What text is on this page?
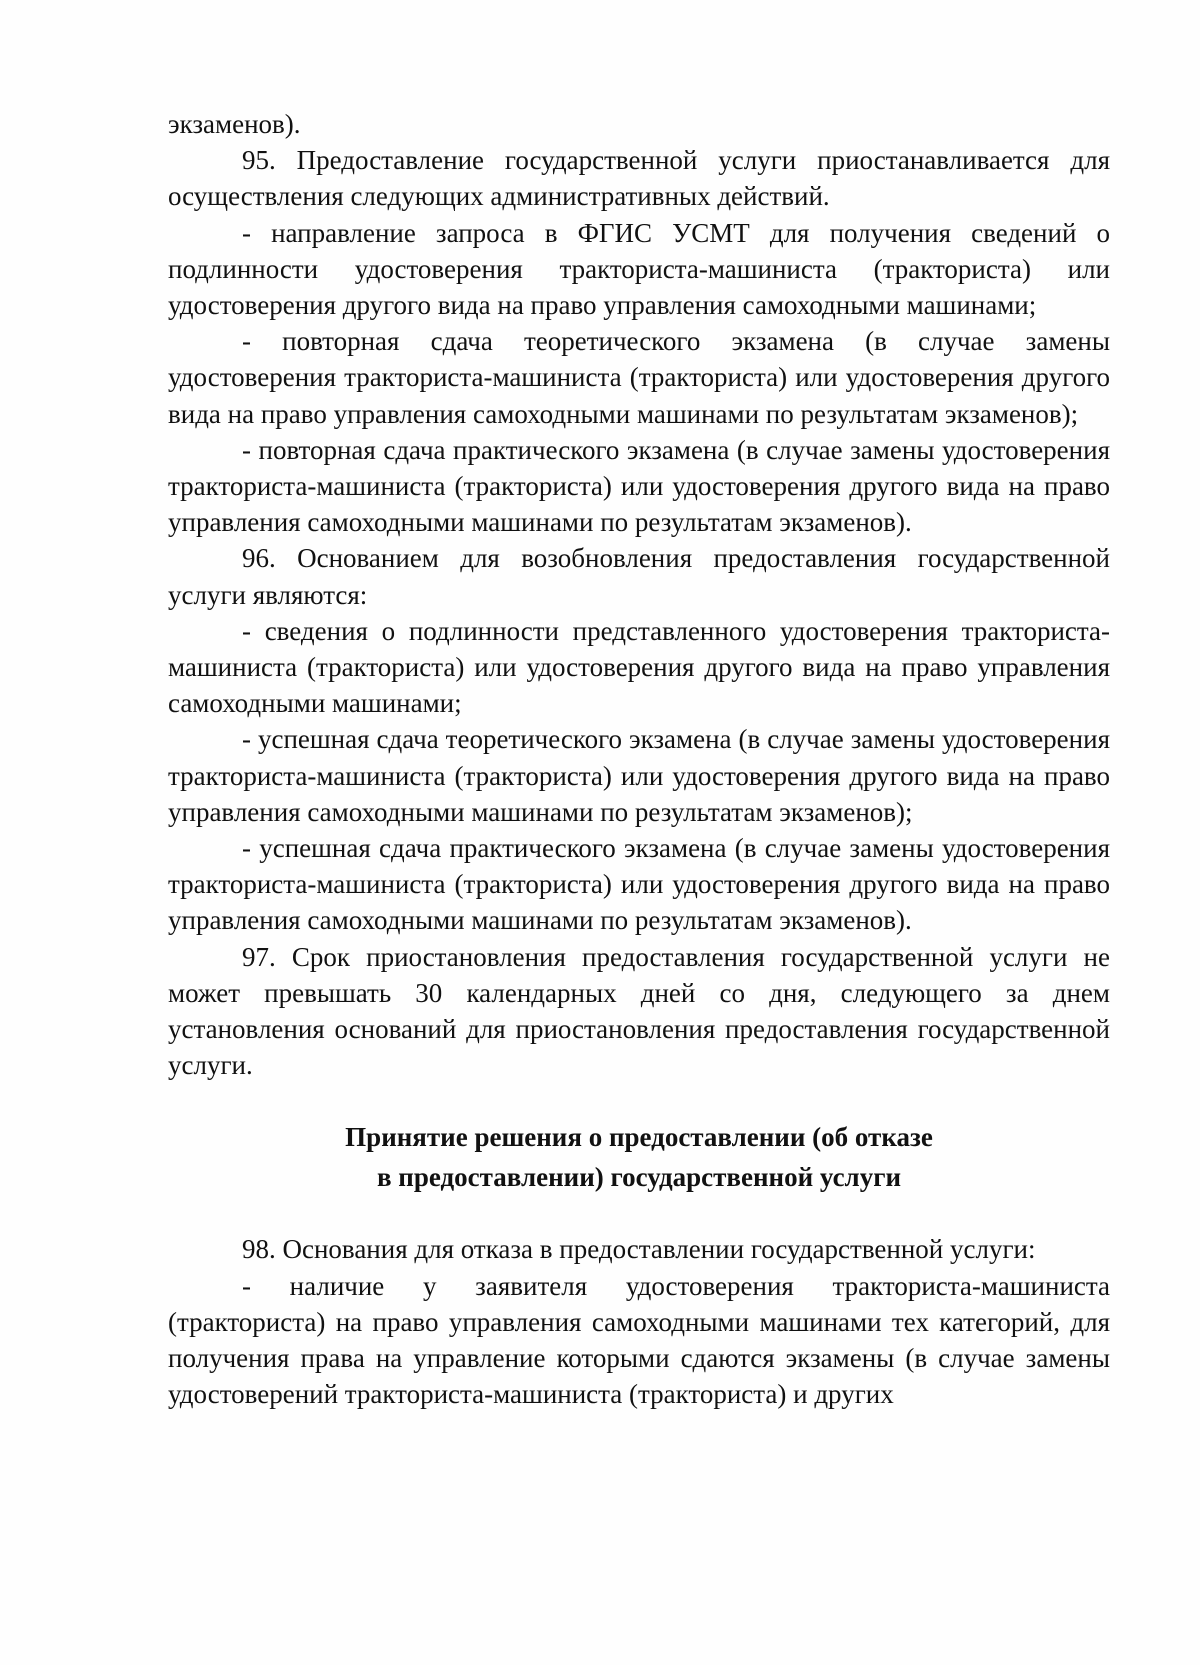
экзаменов).

95. Предоставление государственной услуги приостанавливается для осуществления следующих административных действий.

- направление запроса в ФГИС УСМТ для получения сведений о подлинности удостоверения тракториста-машиниста (тракториста) или удостоверения другого вида на право управления самоходными машинами;

- повторная сдача теоретического экзамена (в случае замены удостоверения тракториста-машиниста (тракториста) или удостоверения другого вида на право управления самоходными машинами по результатам экзаменов);

- повторная сдача практического экзамена (в случае замены удостоверения тракториста-машиниста (тракториста) или удостоверения другого вида на право управления самоходными машинами по результатам экзаменов).

96. Основанием для возобновления предоставления государственной услуги являются:

- сведения о подлинности представленного удостоверения тракториста-машиниста (тракториста) или удостоверения другого вида на право управления самоходными машинами;

- успешная сдача теоретического экзамена (в случае замены удостоверения тракториста-машиниста (тракториста) или удостоверения другого вида на право управления самоходными машинами по результатам экзаменов);

- успешная сдача практического экзамена (в случае замены удостоверения тракториста-машиниста (тракториста) или удостоверения другого вида на право управления самоходными машинами по результатам экзаменов).

97. Срок приостановления предоставления государственной услуги не может превышать 30 календарных дней со дня, следующего за днем установления оснований для приостановления предоставления государственной услуги.

Принятие решения о предоставлении (об отказе
в предоставлении) государственной услуги

98. Основания для отказа в предоставлении государственной услуги:

- наличие у заявителя удостоверения тракториста-машиниста (тракториста) на право управления самоходными машинами тех категорий, для получения права на управление которыми сдаются экзамены (в случае замены удостоверений тракториста-машиниста (тракториста) и других
